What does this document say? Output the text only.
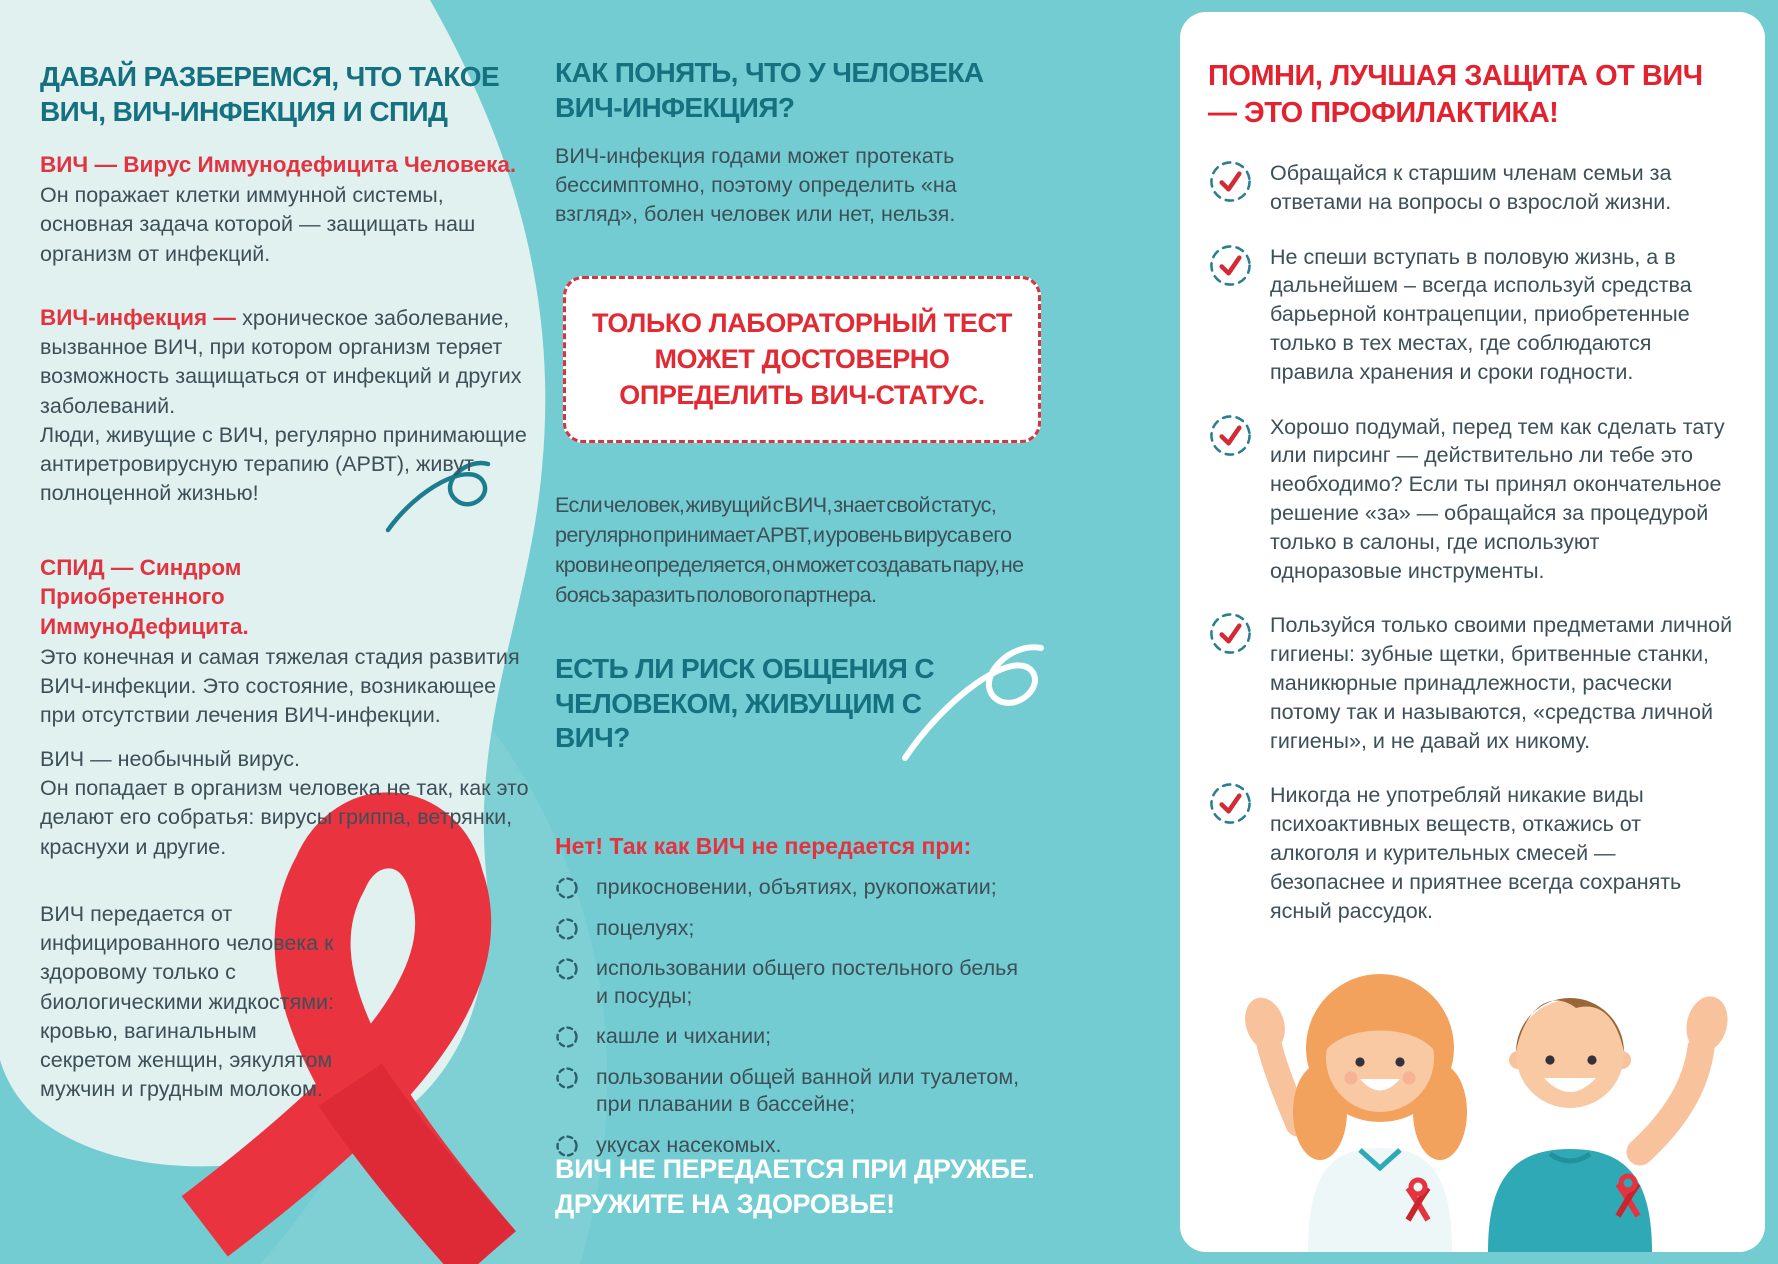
ДАВАЙ РАЗБЕРЕМСЯ, ЧТО ТАКОЕ ВИЧ, ВИЧ-ИНФЕКЦИЯ И СПИД
ВИЧ — Вирус Иммунодефицита Человека.
Он поражает клетки иммунной системы, основная задача которой — защищать наш организм от инфекций.
ВИЧ-инфекция — хроническое заболевание, вызванное ВИЧ, при котором организм теряет возможность защищаться от инфекций и других заболеваний.
Люди, живущие с ВИЧ, регулярно принимающие антиретровирусную терапию (АРВТ), живут полноценной жизнью!
СПИД — Синдром Приобретенного ИммуноДефицита.
Это конечная и самая тяжелая стадия развития ВИЧ-инфекции. Это состояние, возникающее при отсутствии лечения ВИЧ-инфекции.
ВИЧ — необычный вирус.
Он попадает в организм человека не так, как это делают его собратья: вирусы гриппа, ветрянки, краснухи и другие.
ВИЧ передается от инфицированного человека к здоровому только с биологическими жидкостями: кровью, вагинальным секретом женщин, эякулятом мужчин и грудным молоком.
КАК ПОНЯТЬ, ЧТО У ЧЕЛОВЕКА ВИЧ-ИНФЕКЦИЯ?
ВИЧ-инфекция годами может протекать бессимптомно, поэтому определить «на взгляд», болен человек или нет, нельзя.
ТОЛЬКО ЛАБОРАТОРНЫЙ ТЕСТ МОЖЕТ ДОСТОВЕРНО ОПРЕДЕЛИТЬ ВИЧ-СТАТУС.
Если человек, живущий с ВИЧ, знает свой статус, регулярно принимает АРВТ, и уровень вируса в его крови не определяется, он может создавать пару, не боясь заразить полового партнера.
ЕСТЬ ЛИ РИСК ОБЩЕНИЯ С ЧЕЛОВЕКОМ, ЖИВУЩИМ С ВИЧ?
Нет! Так как ВИЧ не передается при:
прикосновении, объятиях, рукопожатии;
поцелуях;
использовании общего постельного белья и посуды;
кашле и чихании;
пользовании общей ванной или туалетом, при плавании в бассейне;
укусах насекомых.
ВИЧ НЕ ПЕРЕДАЕТСЯ ПРИ ДРУЖБЕ.
ДРУЖИТЕ НА ЗДОРОВЬЕ!
ПОМНИ, ЛУЧШАЯ ЗАЩИТА ОТ ВИЧ — ЭТО ПРОФИЛАКТИКА!
Обращайся к старшим членам семьи за ответами на вопросы о взрослой жизни.
Не спеши вступать в половую жизнь, а в дальнейшем – всегда используй средства барьерной контрацепции, приобретенные только в тех местах, где соблюдаются правила хранения и сроки годности.
Хорошо подумай, перед тем как сделать тату или пирсинг — действительно ли тебе это необходимо? Если ты принял окончательное решение «за» — обращайся за процедурой только в салоны, где используют одноразовые инструменты.
Пользуйся только своими предметами личной гигиены: зубные щетки, бритвенные станки, маникюрные принадлежности, расчески потому так и называются, «средства личной гигиены», и не давай их никому.
Никогда не употребляй никакие виды психоактивных веществ, откажись от алкоголя и курительных смесей — безопаснее и приятнее всегда сохранять ясный рассудок.
